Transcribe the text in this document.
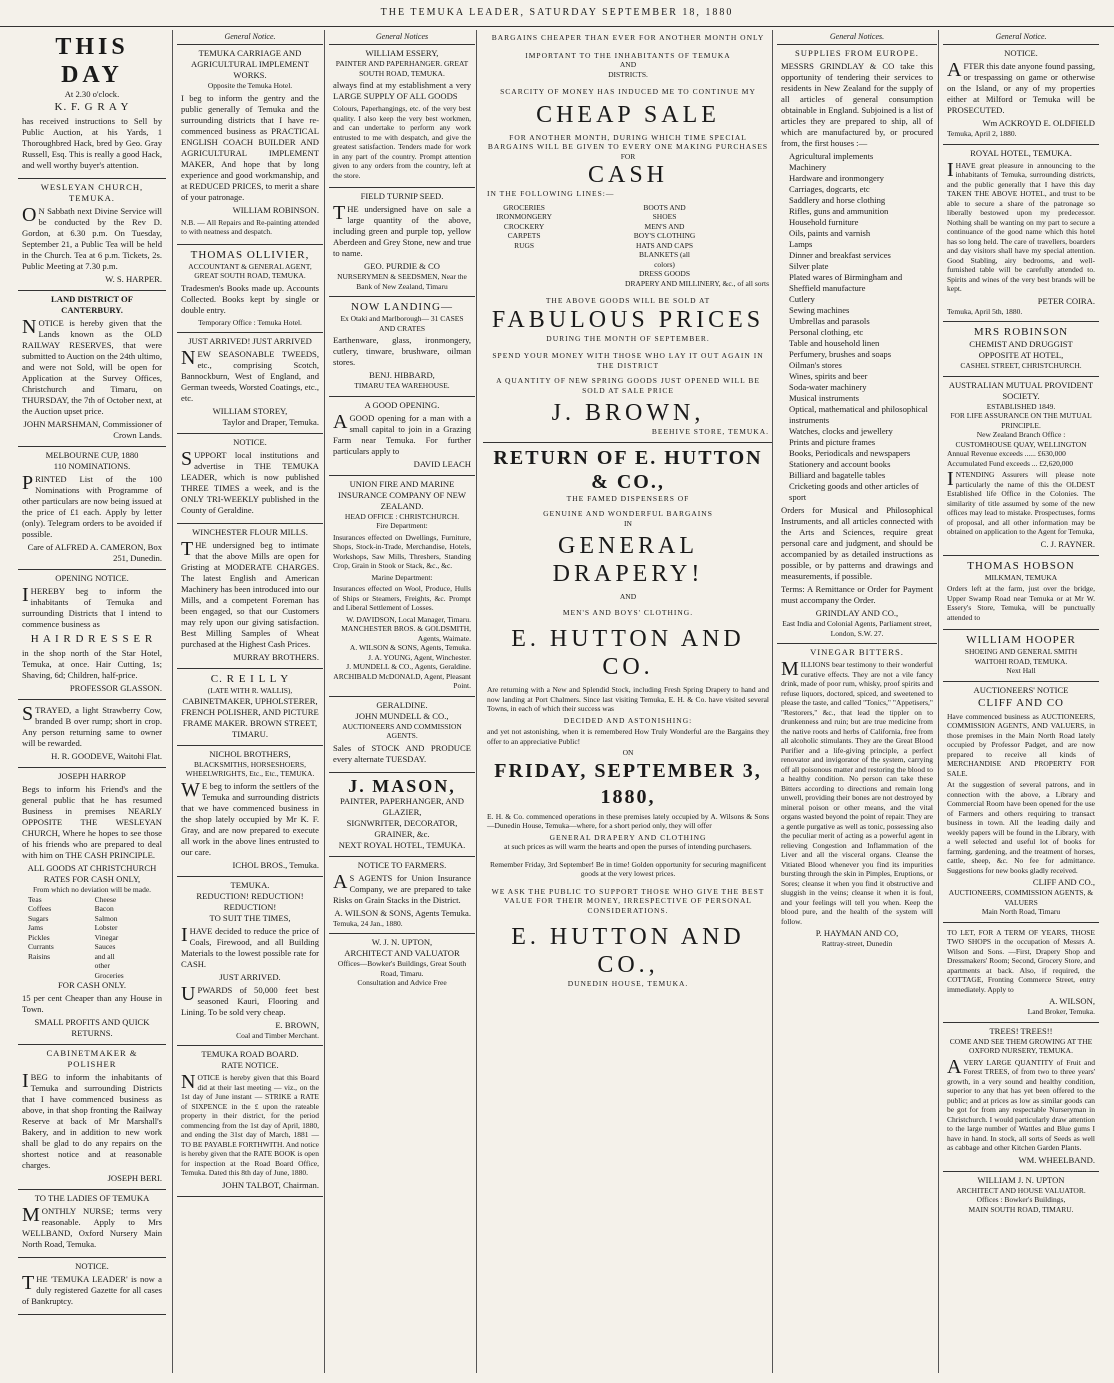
THE TEMUKA LEADER, SATURDAY SEPTEMBER 18, 1880
THIS DAY
At 2.30 o'clock.
K. F. G R A Y
has received instructions to Sell by Public Auction, at his Yards, 1 Thoroughbred Hack, bred by Geo. Gray Russell, Esq. This is really a good Hack, and well worthy buyer's attention.
WESLEYAN CHURCH, TEMUKA.
ON Sabbath next Divine Service will be conducted by the Rev D. Gordon, at 6.30 p.m. On Tuesday, September 21, a Public Tea will be held in the Church. Tea at 6 p.m. Tickets, 2s. Public Meeting at 7.30 p.m.
W. S. HARPER.
LAND DISTRICT OF CANTERBURY.
NOTICE is hereby given that the Lands known as the OLD RAILWAY RESERVES, that were submitted to Auction on the 24th ultimo, and were not Sold, will be open for Application at the Survey Offices, Christchurch and Timaru, on THURSDAY, the 7th of October next, at the Auction upset price.
JOHN MARSHMAN, Commissioner of Crown Lands.
MELBOURNE CUP, 1880
110 NOMINATIONS.
PRINTED List of the 100 Nominations with Programme of other particulars are now being issued at the price of £1 each. Apply by letter (only). Telegram orders to be avoided if possible.
Care of ALFRED A. CAMERON, Box 251, Dunedin.
OPENING NOTICE.
IHEREBY beg to inform the inhabitants of Temuka and surrounding Districts that I intend to commence business as
H A I R D R E S S E R
in the shop north of the Star Hotel, Temuka, at once. Hair Cutting, 1s; Shaving, 6d; Children, half-price.
PROFESSOR GLASSON.
STRAYED, a light Strawberry Cow, branded B over rump; short in crop. Any person returning same to owner will be rewarded.
H. R. GOODEVE, Waitohi Flat.
JOSEPH HARROP
Begs to inform his Friend's and the general public that he has resumed Business in premises NEARLY OPPOSITE THE WESLEYAN CHURCH, Where he hopes to see those of his friends who are prepared to deal with him on THE CASH PRINCIPLE.
ALL GOODS AT CHRISTCHURCH RATES FOR CASH ONLY,
From which no deviation will be made.
Teas
Coffees
Sugars
Jams
Pickles
Currants
Raisins
Cheese
Bacon
Salmon
Lobster
Vinegar
Sauces
and all other Groceries
FOR CASH ONLY.
15 per cent Cheaper than any House in Town.
SMALL PROFITS AND QUICK RETURNS.
CABINETMAKER & POLISHER
IBEG to inform the inhabitants of Temuka and surrounding Districts that I have commenced business as above, in that shop fronting the Railway Reserve at back of Mr Marshall's Bakery, and in addition to new work shall be glad to do any repairs on the shortest notice and at reasonable charges.
JOSEPH BERI.
TO THE LADIES OF TEMUKA
MONTHLY NURSE; terms very reasonable. Apply to Mrs WELLBAND, Oxford Nursery Main North Road, Temuka.
NOTICE.
THE 'TEMUKA LEADER' is now a duly registered Gazette for all cases of Bankruptcy.
General Notice.
TEMUKA CARRIAGE AND AGRICULTURAL IMPLEMENT WORKS.
Opposite the Temuka Hotel.
I beg to inform the gentry and the public generally of Temuka and the surrounding districts that I have re-commenced business as PRACTICAL ENGLISH COACH BUILDER AND AGRICULTURAL IMPLEMENT MAKER, And hope that by long experience and good workmanship, and at REDUCED PRICES, to merit a share of your patronage.
WILLIAM ROBINSON.
N.B. — All Repairs and Re-painting attended to with neatness and despatch.
THOMAS OLLIVIER,
ACCOUNTANT & GENERAL AGENT, GREAT SOUTH ROAD, TEMUKA.
Tradesmen's Books made up. Accounts Collected. Books kept by single or double entry.
Temporary Office : Temuka Hotel.
JUST ARRIVED! JUST ARRIVED
NEW SEASONABLE TWEEDS, etc., comprising Scotch, Bannockburn, West of England, and German tweeds, Worsted Coatings, etc., etc.
WILLIAM STOREY,
Taylor and Draper, Temuka.
NOTICE.
SUPPORT local institutions and advertise in THE TEMUKA LEADER, which is now published THREE TIMES a week, and is the ONLY TRI-WEEKLY published in the County of Geraldine.
WINCHESTER FLOUR MILLS.
THE undersigned beg to intimate that the above Mills are open for Gristing at MODERATE CHARGES. The latest English and American Machinery has been introduced into our Mills, and a competent Foreman has been engaged, so that our Customers may rely upon our giving satisfaction. Best Milling Samples of Wheat purchased at the Highest Cash Prices.
MURRAY BROTHERS.
C. R E I L L Y
(LATE WITH R. WALLIS),
CABINETMAKER, UPHOLSTERER, FRENCH POLISHER, AND PICTURE FRAME MAKER. BROWN STREET, TIMARU.
NICHOL BROTHERS,
BLACKSMITHS, HORSESHOERS, WHEELWRIGHTS, Etc., Etc., TEMUKA.
WE beg to inform the settlers of the Temuka and surrounding districts that we have commenced business in the shop lately occupied by Mr K. F. Gray, and are now prepared to execute all work in the above lines entrusted to our care.
ICHOL BROS., Temuka.
TEMUKA.
REDUCTION! REDUCTION! REDUCTION!
TO SUIT THE TIMES,
IHAVE decided to reduce the price of Coals, Firewood, and all Building Materials to the lowest possible rate for CASH.
JUST ARRIVED.
UPWARDS of 50,000 feet best seasoned Kauri, Flooring and Lining. To be sold very cheap.
E. BROWN,
Coal and Timber Merchant.
TEMUKA ROAD BOARD.
RATE NOTICE.
NOTICE is hereby given that this Board did at their last meeting — viz., on the 1st day of June instant — STRIKE a RATE of SIXPENCE in the £ upon the rateable property in their district, for the period commencing from the 1st day of April, 1880, and ending the 31st day of March, 1881 — TO BE PAYABLE FORTHWITH. And notice is hereby given that the RATE BOOK is open for inspection at the Road Board Office, Temuka. Dated this 8th day of June, 1880.
JOHN TALBOT, Chairman.
General Notices
WILLIAM ESSERY,
PAINTER AND PAPERHANGER. GREAT SOUTH ROAD, TEMUKA.
always find at my establishment a very LARGE SUPPLY OF ALL GOODS
Colours, Paperhangings, etc. of the very best quality. I also keep the very best workmen, and can undertake to perform any work entrusted to me with despatch, and give the greatest satisfaction. Tenders made for work in any part of the country. Prompt attention given to any orders from the country, left at the store.
FIELD TURNIP SEED.
THE undersigned have on sale a large quantity of the above, including green and purple top, yellow Aberdeen and Grey Stone, new and true to name.
GEO. PURDIE & CO
NURSERYMEN & SEEDSMEN, Near the Bank of New Zealand, Timaru
NOW LANDING—
Ex Otaki and Marlborough— 31 CASES AND CRATES
Earthenware, glass, ironmongery, cutlery, tinware, brushware, oilman stores.
BENJ. HIBBARD,
TIMARU TEA WAREHOUSE.
A GOOD OPENING.
AGOOD opening for a man with a small capital to join in a Grazing Farm near Temuka. For further particulars apply to
DAVID LEACH
UNION FIRE AND MARINE INSURANCE COMPANY OF NEW ZEALAND.
HEAD OFFICE : CHRISTCHURCH.
Fire Department:
Insurances effected on Dwellings, Furniture, Shops, Stock-in-Trade, Merchandise, Hotels, Workshops, Saw Mills, Threshers, Standing Crop, Grain in Stook or Stack, &c., &c.
Marine Department:
Insurances effected on Wool, Produce, Hulls of Ships or Steamers, Freights, &c. Prompt and Liberal Settlement of Losses.
W. DAVIDSON, Local Manager, Timaru.
MANCHESTER BROS. & GOLDSMITH, Agents, Waimate.
A. WILSON & SONS, Agents, Temuka.
J. A. YOUNG, Agent, Winchester.
J. MUNDELL & CO., Agents, Geraldine.
ARCHIBALD McDONALD, Agent, Pleasant Point.
GERALDINE.
JOHN MUNDELL & CO.,
AUCTIONEERS AND COMMISSION AGENTS.
Sales of STOCK AND PRODUCE every alternate TUESDAY.
J. MASON,
PAINTER, PAPERHANGER, AND GLAZIER,
SIGNWRITER, DECORATOR, GRAINER, &c.
NEXT ROYAL HOTEL, TEMUKA.
NOTICE TO FARMERS.
AS AGENTS for Union Insurance Company, we are prepared to take Risks on Grain Stacks in the District.
A. WILSON & SONS, Agents Temuka.
Temuka, 24 Jan., 1880.
W. J. N. UPTON,
ARCHITECT AND VALUATOR
Offices—Bowker's Buildings, Great South Road, Timaru.
Consultation and Advice Free
BARGAINS CHEAPER THAN EVER FOR ANOTHER MONTH ONLY
IMPORTANT TO THE INHABITANTS OF TEMUKA
AND
DISTRICTS.
SCARCITY OF MONEY HAS INDUCED ME TO CONTINUE MY
CHEAP SALE
FOR ANOTHER MONTH, DURING WHICH TIME SPECIAL BARGAINS WILL BE GIVEN TO EVERY ONE MAKING PURCHASES
FOR
CASH
IN THE FOLLOWING LINES:—
GROCERIES
IRONMONGERY
CROCKERY
CARPETS
RUGS
BOOTS AND SHOES
MEN'S AND BOY'S CLOTHING
HATS AND CAPS
BLANKETS (all colors)
DRESS GOODS
DRAPERY AND MILLINERY, &c., of all sorts
THE ABOVE GOODS WILL BE SOLD AT
FABULOUS PRICES
DURING THE MONTH OF SEPTEMBER.
SPEND YOUR MONEY WITH THOSE WHO LAY IT OUT AGAIN IN THE DISTRICT
A QUANTITY OF NEW SPRING GOODS JUST OPENED WILL BE SOLD AT SALE PRICE
J. BROWN,
BEEHIVE STORE, TEMUKA.
RETURN OF E. HUTTON & CO.,
THE FAMED DISPENSERS OF
GENUINE AND WONDERFUL BARGAINS
IN
GENERAL DRAPERY!
AND
MEN'S AND BOYS' CLOTHING.
E. HUTTON AND CO.
Are returning with a New and Splendid Stock, including Fresh Spring Drapery to hand and now landing at Port Chalmers. Since last visiting Temuka, E. H. & Co. have visited several Towns, in each of which their success was
DECIDED AND ASTONISHING:
and yet not astonishing, when it is remembered How Truly Wonderful are the Bargains they offer to an appreciative Public!
ON
FRIDAY, SEPTEMBER 3, 1880,
E. H. & Co. commenced operations in these premises lately occupied by A. Wilsons & Sons—Dunedin House, Temuka—where, for a short period only, they will offer
GENERAL DRAPERY AND CLOTHING
at such prices as will warm the hearts and open the purses of intending purchasers.
Remember Friday, 3rd September! Be in time! Golden opportunity for securing magnificent goods at the very lowest prices.
WE ASK THE PUBLIC TO SUPPORT THOSE WHO GIVE THE BEST VALUE FOR THEIR MONEY, IRRESPECTIVE OF PERSONAL CONSIDERATIONS.
E. HUTTON AND CO.,
DUNEDIN HOUSE, TEMUKA.
General Notices.
SUPPLIES FROM EUROPE.
MESSRS GRINDLAY & CO take this opportunity of tendering their services to residents in New Zealand for the supply of all articles of general consumption obtainable in England. Subjoined is a list of articles they are prepared to ship, all of which are manufactured by, or procured from, the first houses :—
Agricultural implements
Machinery
Hardware and ironmongery
Carriages, dogcarts, etc
Saddlery and horse clothing
Rifles, guns and ammunition
Household furniture
Oils, paints and varnish
Lamps
Dinner and breakfast services
Silver plate
Plated wares of Birmingham and Sheffield manufacture
Cutlery
Sewing machines
Umbrellas and parasols
Personal clothing, etc
Table and household linen
Perfumery, brushes and soaps
Oilman's stores
Wines, spirits and beer
Soda-water machinery
Musical instruments
Optical, mathematical and philosophical instruments
Watches, clocks and jewellery
Prints and picture frames
Books, Periodicals and newspapers
Stationery and account books
Billiard and bagatelle tables
Cricketing goods and other articles of sport
Orders for Musical and Philosophical Instruments, and all articles connected with the Arts and Sciences, require great personal care and judgment, and should be accompanied by as detailed instructions as possible, or by patterns and drawings and measurements, if possible.
Terms: A Remittance or Order for Payment must accompany the Order.
GRINDLAY AND CO.,
East India and Colonial Agents, Parliament street, London, S.W. 27.
VINEGAR BITTERS.
MILLIONS bear testimony to their wonderful curative effects. They are not a vile fancy drink, made of poor rum, whisky, proof spirits and refuse liquors, doctored, spiced, and sweetened to please the taste, and called "Tonics," "Appetisers," "Restorers," &c., that lead the tippler on to drunkenness and ruin; but are true medicine from the native roots and herbs of California, free from all alcoholic stimulants. They are the Great Blood Purifier and a life-giving principle, a perfect renovator and invigorator of the system, carrying off all poisonous matter and restoring the blood to a healthy condition. No person can take these Bitters according to directions and remain long unwell, providing their bones are not destroyed by mineral poison or other means, and the vital organs wasted beyond the point of repair. They are a gentle purgative as well as tonic, possessing also the peculiar merit of acting as a powerful agent in relieving Congestion and Inflammation of the Liver and all the visceral organs. Cleanse the Vitiated Blood whenever you find its impurities bursting through the skin in Pimples, Eruptions, or Sores; cleanse it when you find it obstructive and sluggish in the veins; cleanse it when it is foul, and your feelings will tell you when. Keep the blood pure, and the health of the system will follow.
P. HAYMAN AND CO,
Rattray-street, Dunedin
General Notice.
NOTICE.
AFTER this date anyone found passing, or trespassing on game or otherwise on the Island, or any of my properties either at Milford or Temuka will be PROSECUTED.
Wm ACKROYD E. OLDFIELD
Temuka, April 2, 1880.
ROYAL HOTEL, TEMUKA.
IHAVE great pleasure in announcing to the inhabitants of Temuka, surrounding districts, and the public generally that I have this day TAKEN THE ABOVE HOTEL, and trust to be able to secure a share of the patronage so liberally bestowed upon my predecessor. Nothing shall be wanting on my part to secure a continuance of the good name which this hotel has so long held. The care of travellers, boarders and day visitors shall have my special attention. Good Stabling, airy bedrooms, and well-furnished table will be carefully attended to. Spirits and wines of the very best brands will be kept.
PETER COIRA.
Temuka, April 5th, 1880.
MRS ROBINSON
CHEMIST AND DRUGGIST
OPPOSITE AT HOTEL,
CASHEL STREET, CHRISTCHURCH.
AUSTRALIAN MUTUAL PROVIDENT SOCIETY.
ESTABLISHED 1849.
FOR LIFE ASSURANCE ON THE MUTUAL PRINCIPLE.
New Zealand Branch Office :
CUSTOMHOUSE QUAY, WELLINGTON
Annual Revenue exceeds ...... £630,000
Accumulated Fund exceeds ... £2,620,000
INTENDING Assurers will please note particularly the name of this the OLDEST Established life Office in the Colonies. The similarity of title assumed by some of the new offices may lead to mistake. Prospectuses, forms of proposal, and all other information may be obtained on application to the Agent for Temuka,
C. J. RAYNER.
THOMAS HOBSON
MILKMAN, TEMUKA
Orders left at the farm, just over the bridge, Upper Swamp Road near Temuka or at Mr W. Essery's Store, Temuka, will be punctually attended to
WILLIAM HOOPER
SHOEING AND GENERAL SMITH
WAITOHI ROAD, TEMUKA.
Next Hall
AUCTIONEERS' NOTICE
CLIFF AND CO
Have commenced business as AUCTIONEERS, COMMISSION AGENTS, AND VALUERS, in those premises in the Main North Road lately occupied by Professor Padget, and are now prepared to receive all kinds of MERCHANDISE AND PROPERTY FOR SALE.
At the suggestion of several patrons, and in connection with the above, a Library and Commercial Room have been opened for the use of Farmers and others requiring to transact business in town. All the leading daily and weekly papers will be found in the Library, with a well selected and useful lot of books for farming, gardening, and the treatment of horses, cattle, sheep, &c. No fee for admittance. Suggestions for new books gladly received.
CLIFF AND CO.,
AUCTIONEERS, COMMISSION AGENTS, & VALUERS
Main North Road, Timaru
TO LET, FOR A TERM OF YEARS, THOSE TWO SHOPS in the occupation of Messrs A. Wilson and Sons. —First, Drapery Shop and Dressmakers' Room; Second, Grocery Store, and apartments at back. Also, if required, the COTTAGE, Fronting Commerce Street, entry immediately. Apply to
A. WILSON,
Land Broker, Temuka.
TREES! TREES!!
COME AND SEE THEM GROWING AT THE OXFORD NURSERY, TEMUKA.
AVERY LARGE QUANTITY of Fruit and Forest TREES, of from two to three years' growth, in a very sound and healthy condition, superior to any that has yet been offered to the public; and at prices as low as similar goods can be got for from any respectable Nurseryman in Christchurch. I would particularly draw attention to the large number of Wattles and Blue gums I have in hand. In stock, all sorts of Seeds as well as cabbage and other Kitchen Garden Plants.
WM. WHEELBAND.
WILLIAM J. N. UPTON
ARCHITECT AND HOUSE VALUATOR.
Offices : Bowker's Buildings,
MAIN SOUTH ROAD, TIMARU.
